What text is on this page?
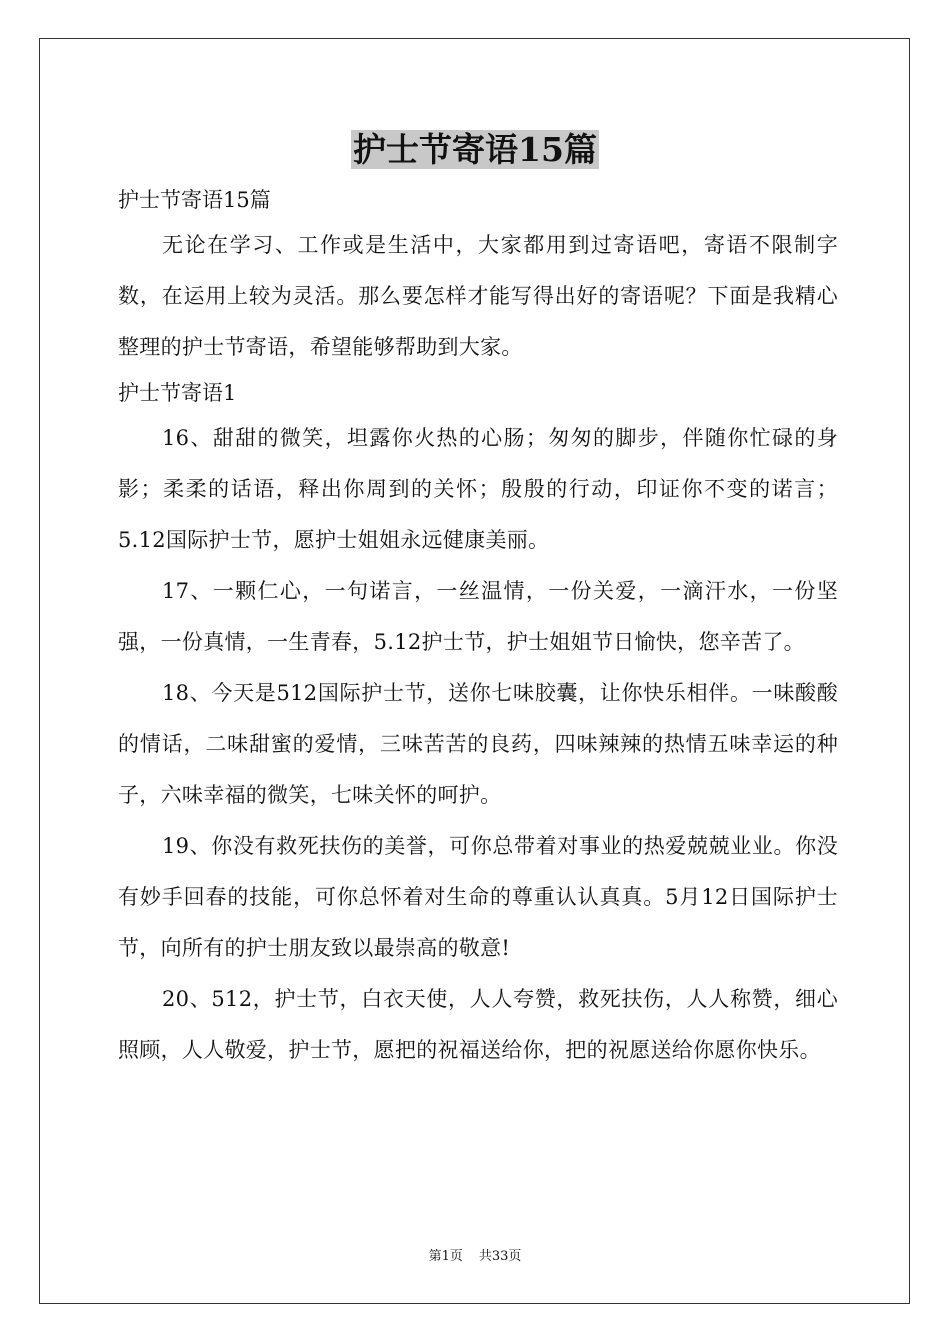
护士节寄语15篇

护士节寄语15篇

无论在学习、工作或是生活中，大家都用到过寄语吧，寄语不限制字数，在运用上较为灵活。那么要怎样才能写得出好的寄语呢？下面是我精心整理的护士节寄语，希望能够帮助到大家。

护士节寄语1

16、甜甜的微笑，坦露你火热的心肠；匆匆的脚步，伴随你忙碌的身影；柔柔的话语，释出你周到的关怀；殷殷的行动，印证你不变的诺言；5.12国际护士节，愿护士姐姐永远健康美丽。

17、一颗仁心，一句诺言，一丝温情，一份关爱，一滴汗水，一份坚强，一份真情，一生青春，5.12护士节，护士姐姐节日愉快，您辛苦了。

18、今天是512国际护士节，送你七味胶囊，让你快乐相伴。一味酸酸的情话，二味甜蜜的爱情，三味苦苦的良药，四味辣辣的热情五味幸运的种子，六味幸福的微笑，七味关怀的呵护。

19、你没有救死扶伤的美誉，可你总带着对事业的热爱兢兢业业。你没有妙手回春的技能，可你总怀着对生命的尊重认认真真。5月12日国际护士节，向所有的护士朋友致以最崇高的敬意!

20、512，护士节，白衣天使，人人夸赞，救死扶伤，人人称赞，细心照顾，人人敬爱，护士节，愿把的祝福送给你，把的祝愿送给你愿你快乐。

第1页 共33页
